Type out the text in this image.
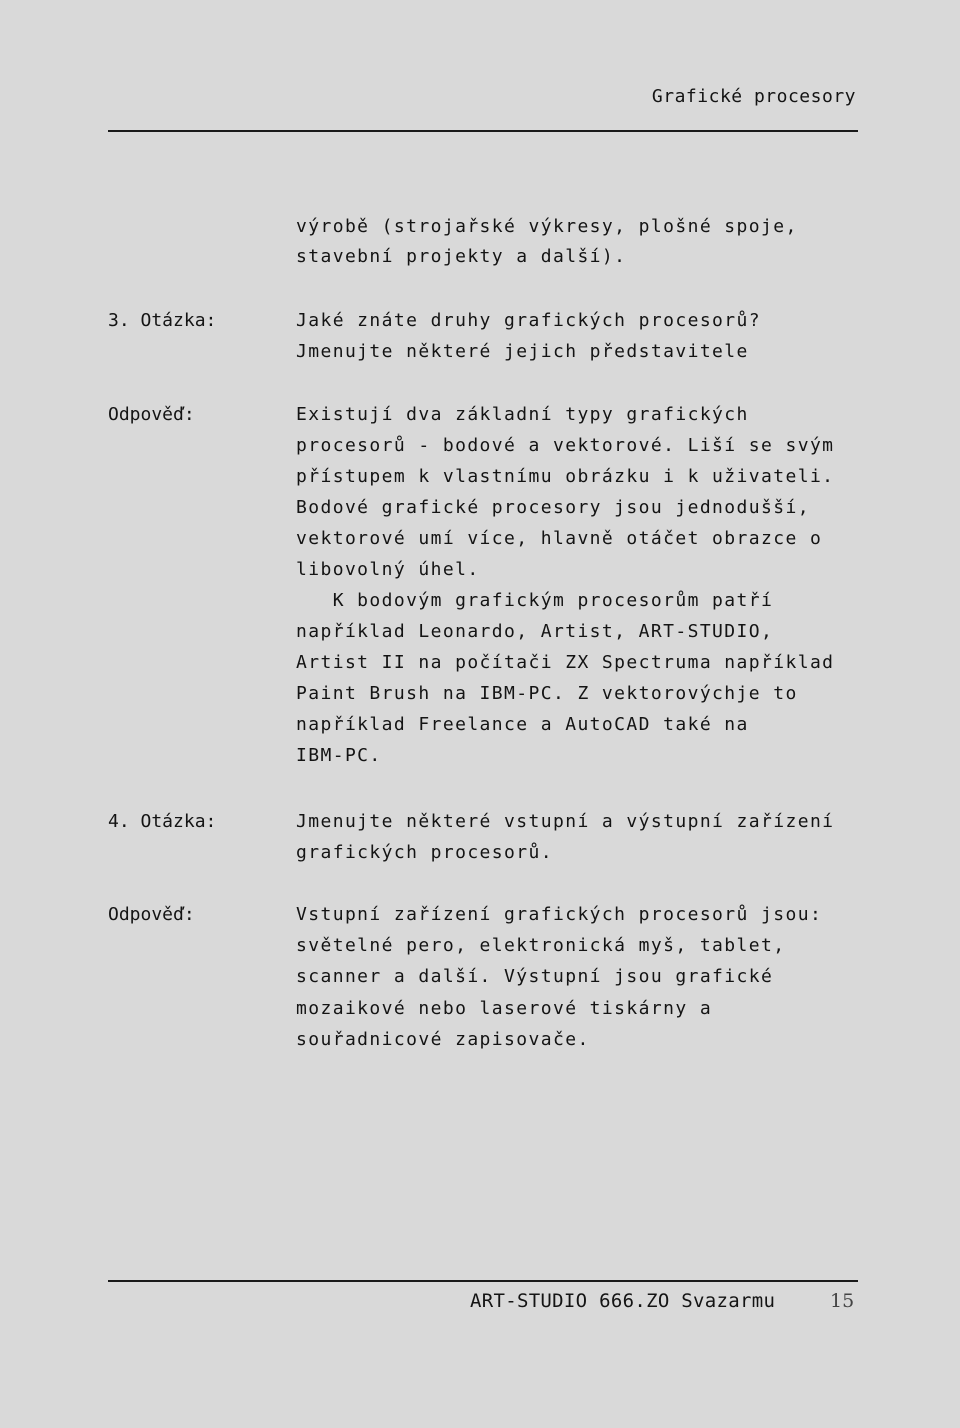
Grafické procesory
výrobě (strojařské výkresy, plošné spoje,
stavební projekty a další).
3. Otázka:	Jaké znáte druhy grafických procesorů?
Jmenujte některé jejich představitele
Odpověď:	Existují dva základní typy grafických
procesorů - bodové a vektorové. Liší se svým
přístupem k vlastnímu obrázku i k uživateli.
Bodové grafické procesory jsou jednodušší,
vektorové umí více, hlavně otáčet obrazce o
libovolný úhel.
K bodovým grafickým procesorům patří
například Leonardo, Artist, ART-STUDIO,
Artist II na počítači ZX Spectruma například
Paint Brush na IBM-PC. Z vektorovýchje to
například Freelance a AutoCAD také na
IBM-PC.
4. Otázka:	Jmenujte některé vstupní a výstupní zařízení
grafických procesorů.
Odpověď:	Vstupní zařízení grafických procesorů jsou:
světelné pero, elektronická myš, tablet,
scanner a další. Výstupní jsou grafické
mozaikové nebo laserové tiskárny a
souřadnicové zapisovače.
ART-STUDIO 666.ZO Svazarmu	15
